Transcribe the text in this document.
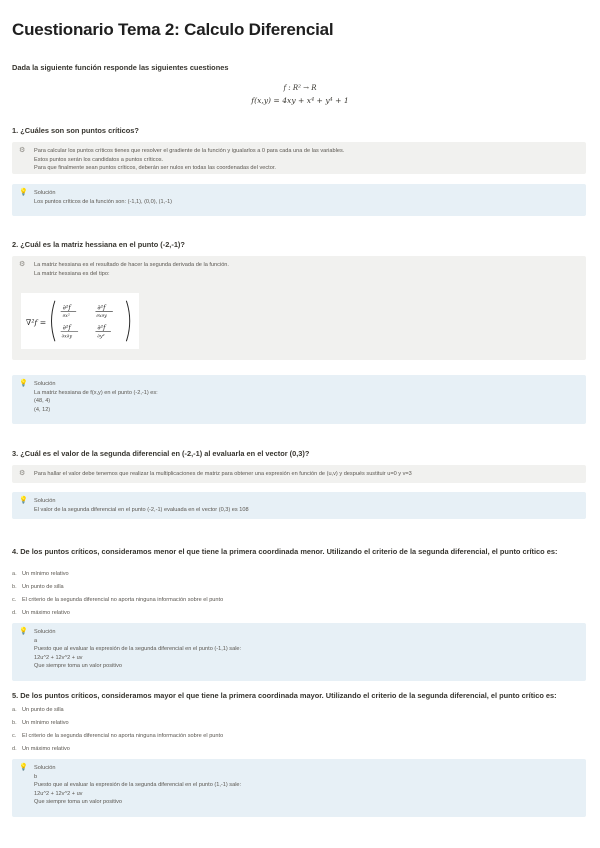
Cuestionario Tema 2: Calculo Diferencial
Dada la siguiente función responde las siguientes cuestiones
f : R² → R
f(x,y) = 4xy + x⁴ + y⁴ + 1
1. ¿Cuáles son son puntos críticos?
⚙ Para calcular los puntos críticos tienes que resolver el gradiente de la función y igualarlos a 0 para cada una de las variables.
Estos puntos serán los candidatos a puntos críticos.
Para que finalmente sean puntos críticos, deberán ser nulos en todas las coordenadas del vector.
💡 Solución
Los puntos críticos de la función son: (-1,1), (0,0), (1,-1)
2. ¿Cuál es la matriz hessiana en el punto (-2,-1)?
⚙ La matriz hessiana es el resultado de hacer la segunda derivada de la función.
La matriz hessiana es del tipo:
∇²f =
∂²f
∂x²
∂²f
∂x∂y
∂²f
∂x∂y
∂²f
∂y²
💡 Solución
La matriz hessiana de f(x,y) en el punto (-2,-1) es:
(48, 4)
(4, 12)
3. ¿Cuál es el valor de la segunda diferencial en (-2,-1) al evaluarla en el vector (0,3)?
⚙ Para hallar el valor debe tenemos que realizar la multiplicaciones de matriz para obtener una expresión en función de (u,v) y después sustituir u=0 y v=3
💡 Solución
El valor de la segunda diferencial en el punto (-2,-1) evaluada en el vector (0,3) es 108
4. De los puntos críticos, consideramos menor el que tiene la primera coordinada menor. Utilizando el criterio de la segunda diferencial, el punto crítico es:
a. Un mínimo relativo
b. Un punto de silla
c. El criterio de la segunda diferencial no aporta ninguna información sobre el punto
d. Un máximo relativo
💡 Solución
a
Puesto que al evaluar la expresión de la segunda diferencial en el punto (-1,1) sale:
12u^2 + 12v^2 + uv
Que siempre toma un valor positivo
5. De los puntos críticos, consideramos mayor el que tiene la primera coordinada mayor. Utilizando el criterio de la segunda diferencial, el punto crítico es:
a. Un punto de silla
b. Un mínimo relativo
c. El criterio de la segunda diferencial no aporta ninguna información sobre el punto
d. Un máximo relativo
💡 Solución
b
Puesto que al evaluar la expresión de la segunda diferencial en el punto (1,-1) sale:
12u^2 + 12v^2 + uv
Que siempre toma un valor positivo
